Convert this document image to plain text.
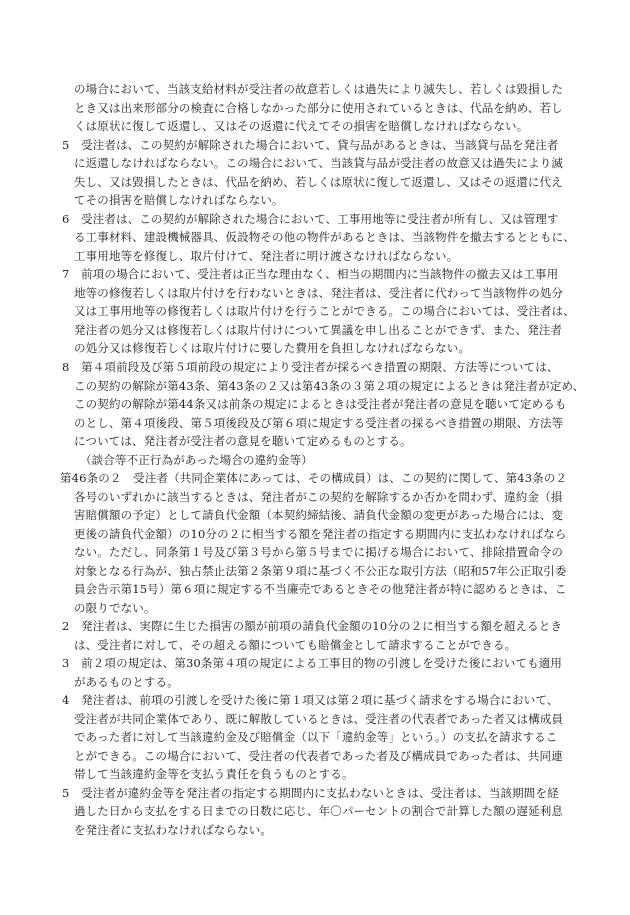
の場合において、当該支給材料が受注者の故意若しくは過失により滅失し、若しくは毀損した
とき又は出来形部分の検査に合格しなかった部分に使用されているときは、代品を納め、若し
くは原状に復して返還し、又はその返還に代えてその損害を賠償しなければならない。
5　受注者は、この契約が解除された場合において、貸与品があるときは、当該貸与品を発注者
に返還しなければならない。この場合において、当該貸与品が受注者の故意又は過失により滅
失し、又は毀損したときは、代品を納め、若しくは原状に復して返還し、又はその返還に代え
てその損害を賠償しなければならない。
6　受注者は、この契約が解除された場合において、工事用地等に受注者が所有し、又は管理す
る工事材料、建設機械器具、仮設物その他の物件があるときは、当該物件を撤去するとともに、
工事用地等を修復し、取片付けて、発注者に明け渡さなければならない。
7　前項の場合において、受注者は正当な理由なく、相当の期間内に当該物件の撤去又は工事用
地等の修復若しくは取片付けを行わないときは、発注者は、受注者に代わって当該物件の処分
又は工事用地等の修復若しくは取片付けを行うことができる。この場合においては、受注者は、
発注者の処分又は修復若しくは取片付けについて異議を申し出ることができず、また、発注者
の処分又は修復若しくは取片付けに要した費用を負担しなければならない。
8　第４項前段及び第５項前段の規定により受注者が採るべき措置の期限、方法等については、
この契約の解除が第43条、第43条の２又は第43条の３第２項の規定によるときは発注者が定め、
この契約の解除が第44条又は前条の規定によるときは受注者が発注者の意見を聴いて定めるも
のとし、第４項後段、第５項後段及び第６項に規定する受注者の採るべき措置の期限、方法等
については、発注者が受注者の意見を聴いて定めるものとする。
（談合等不正行為があった場合の違約金等）
第46条の２　受注者（共同企業体にあっては、その構成員）は、この契約に関して、第43条の２
各号のいずれかに該当するときは、発注者がこの契約を解除するか否かを問わず、違約金（損
害賠償額の予定）として請負代金額（本契約締結後、請負代金額の変更があった場合には、変
更後の請負代金額）の10分の２に相当する額を発注者の指定する期間内に支払わなければなら
ない。ただし、同条第１号及び第３号から第５号までに掲げる場合において、排除措置命令の
対象となる行為が、独占禁止法第２条第９項に基づく不公正な取引方法（昭和57年公正取引委
員会告示第15号）第６項に規定する不当廉売であるときその他発注者が特に認めるときは、こ
の限りでない。
2　発注者は、実際に生じた損害の額が前項の請負代金額の10分の２に相当する額を超えるとき
は、受注者に対して、その超える額についても賠償金として請求することができる。
3　前２項の規定は、第30条第４項の規定による工事目的物の引渡しを受けた後においても適用
があるものとする。
4　発注者は、前項の引渡しを受けた後に第１項又は第２項に基づく請求をする場合において、
受注者が共同企業体であり、既に解散しているときは、受注者の代表者であった者又は構成員
であった者に対して当該違約金及び賠償金（以下「違約金等」という。）の支払を請求するこ
とができる。この場合において、受注者の代表者であった者及び構成員であった者は、共同連
帯して当該違約金等を支払う責任を負うものとする。
5　受注者が違約金等を発注者の指定する期間内に支払わないときは、受注者は、当該期間を経
過した日から支払をする日までの日数に応じ、年〇パーセントの割合で計算した額の遅延利息
を発注者に支払わなければならない。
